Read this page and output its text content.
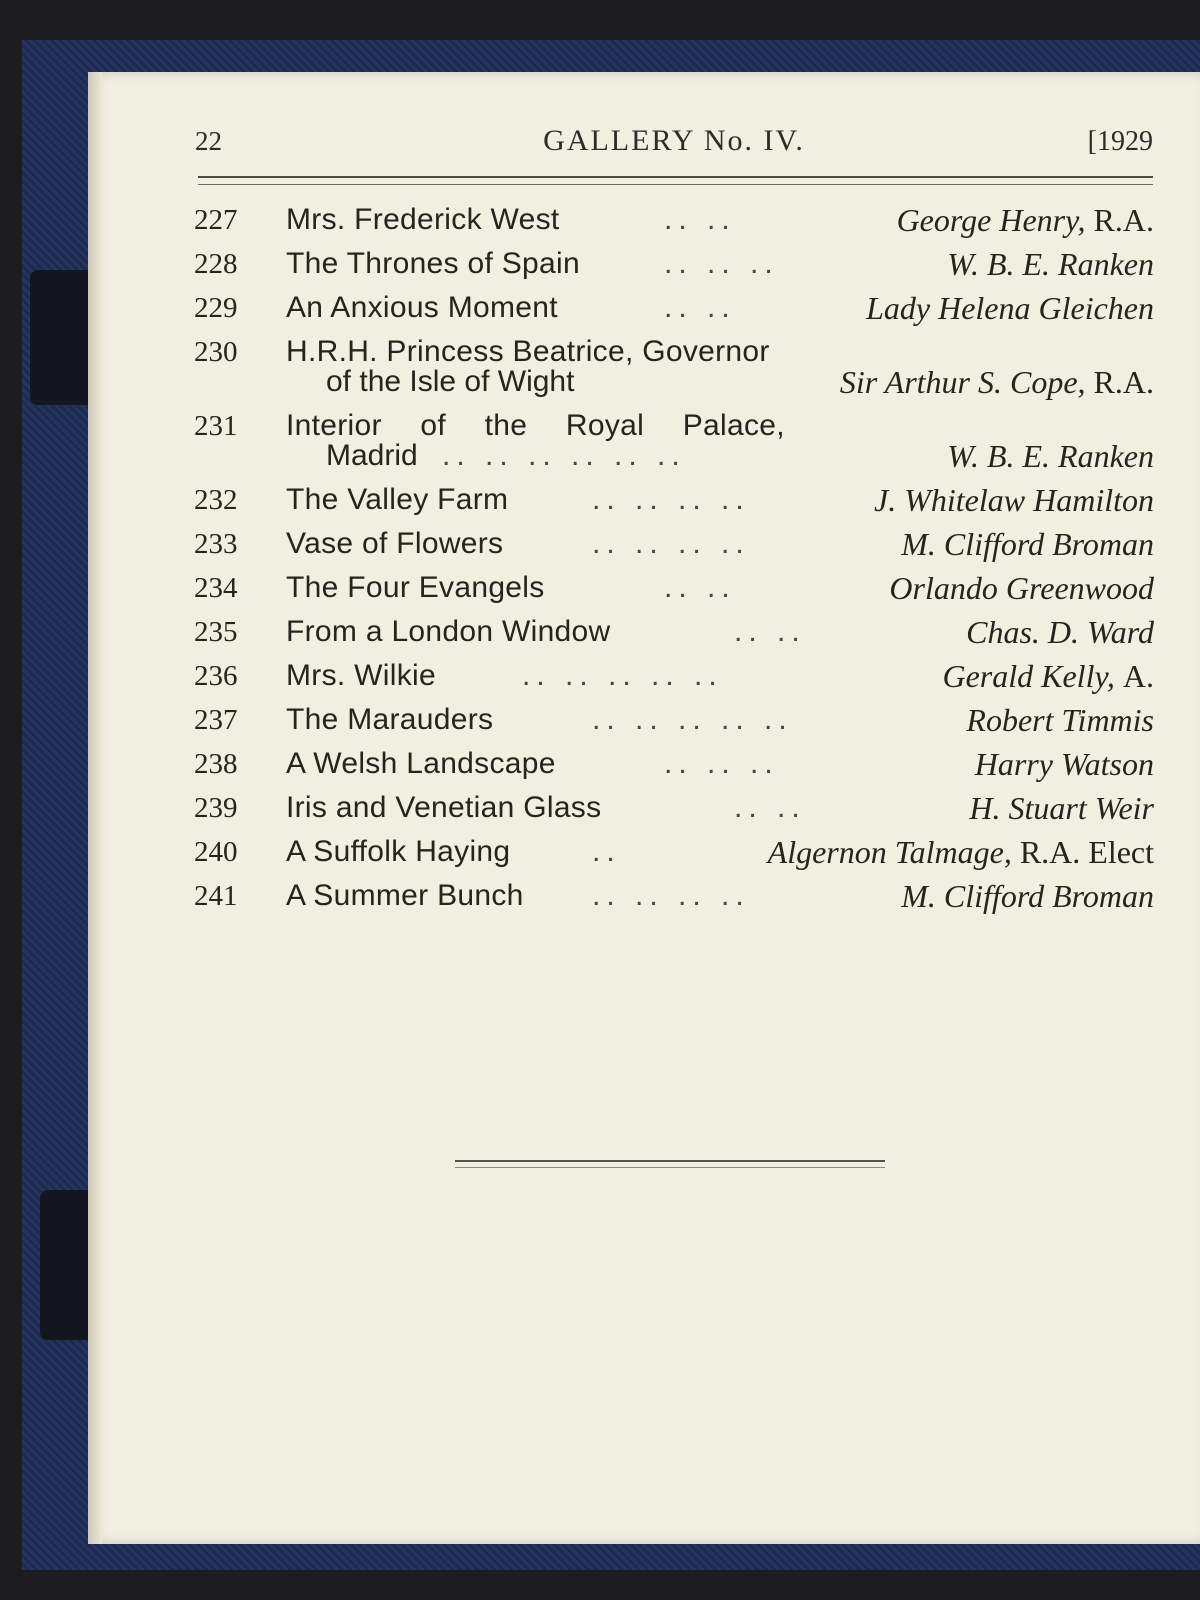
22	GALLERY No. IV.	[1929
227 Mrs. Frederick West	.. ..	George Henry, R.A.
228 The Thrones of Spain	.. .. ..	W. B. E. Ranken
229 An Anxious Moment	.. ..	Lady Helena Gleichen
230 H.R.H. Princess Beatrice, Governor
of the Isle of Wight	Sir Arthur S. Cope, R.A.
231 Interior of the Royal Palace,
Madrid .. .. .. .. .. ..	W. B. E. Ranken
232 The Valley Farm	.. .. .. ..	J. Whitelaw Hamilton
233 Vase of Flowers	.. .. .. ..	M. Clifford Broman
234 The Four Evangels	.. ..	Orlando Greenwood
235 From a London Window	.. ..	Chas. D. Ward
236 Mrs. Wilkie	.. .. .. .. ..	Gerald Kelly, A.
237 The Marauders	.. .. .. .. ..	Robert Timmis
238 A Welsh Landscape	.. .. ..	Harry Watson
239 Iris and Venetian Glass	.. ..	H. Stuart Weir
240 A Suffolk Haying	..	Algernon Talmage, R.A. Elect
241 A Summer Bunch .. .. .. ..	M. Clifford Broman
